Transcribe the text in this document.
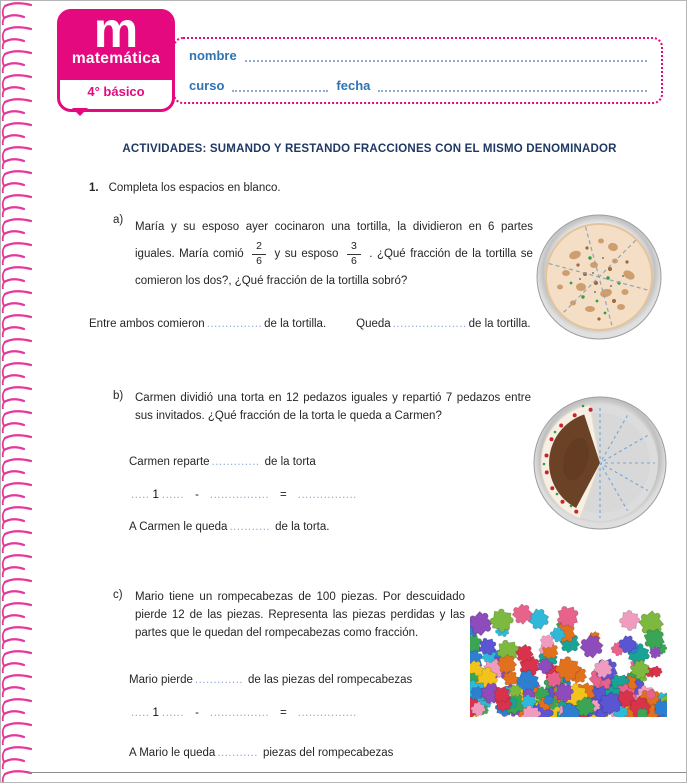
m
matemática
4° básico
nombre
curso	fecha
ACTIVIDADES: SUMANDO Y RESTANDO FRACCIONES CON EL MISMO DENOMINADOR
1. Completa los espacios en blanco.
a)

María y su esposo ayer cocinaron una tortilla, la dividieron en 6 partes iguales. María comió $\frac{2}{6}$ y su esposo $\frac{3}{6}$ . ¿Qué fracción de la tortilla se comieron los dos?, ¿Qué fracción de la tortilla sobró?

Entre ambos comieron ............... de la tortilla.	Queda .................... de la tortilla.
b)	Carmen dividió una torta en 12 pedazos iguales y repartió 7 pedazos entre sus invitados. ¿Qué fracción de la torta le queda a Carmen?

Carmen reparte ............. de la torta
..... 1 ...... - ................ = ................
A Carmen le queda ........... de la torta.
c)	Mario tiene un rompecabezas de 100 piezas. Por descuidado pierde 12 de las piezas. Representa las piezas perdidas y las partes que le quedan del rompecabezas como fracción.

Mario pierde ............. de las piezas del rompecabezas
..... 1 ...... - ................ = ................
A Mario le queda ........... piezas del rompecabezas
